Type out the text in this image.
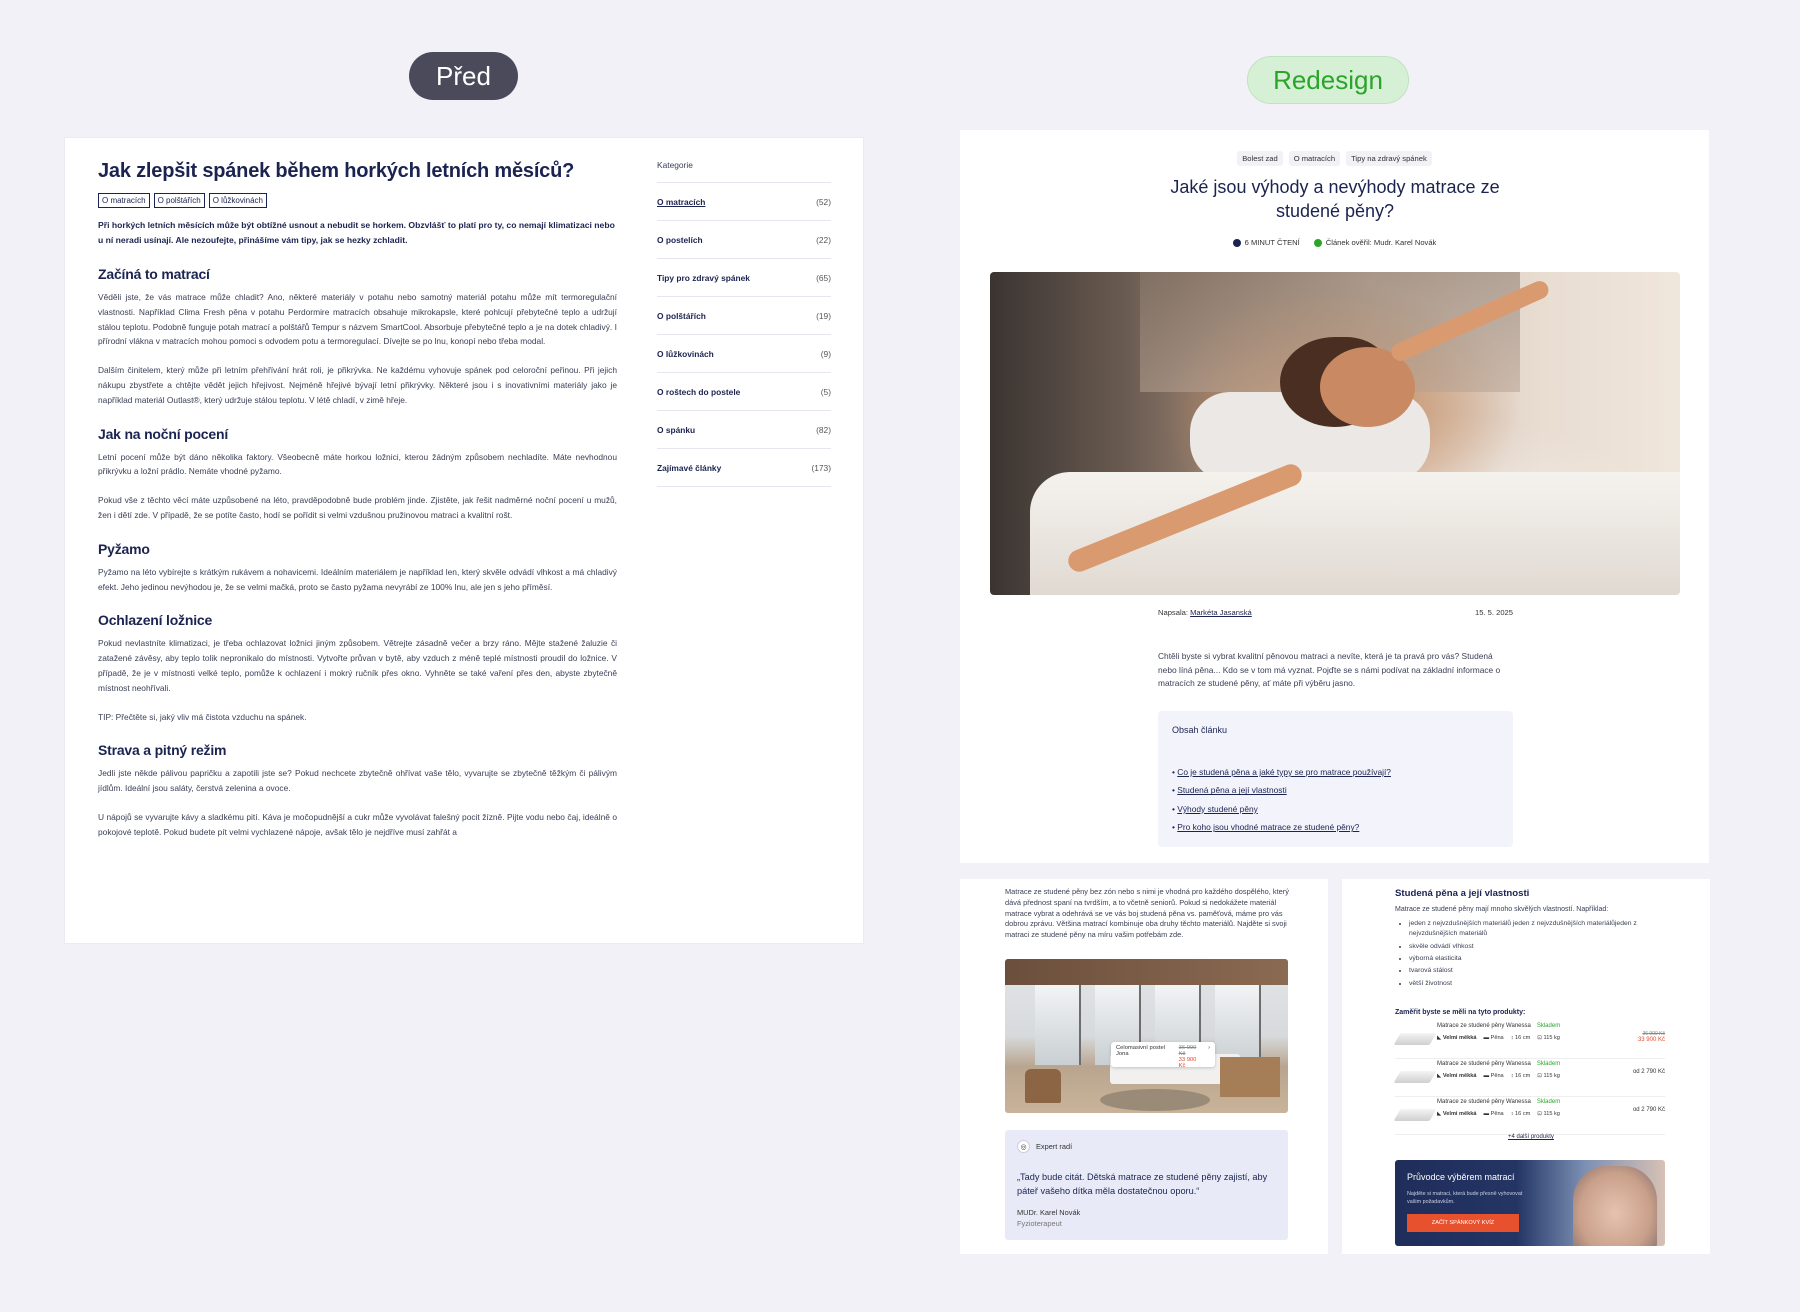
Před	Redesign
Jak zlepšit spánek během horkých letních měsíců?
O matracích	O polštářích	O lůžkovinách
Při horkých letních měsících může být obtížné usnout a nebudit se horkem. Obzvlášť to platí pro ty, co nemají klimatizaci nebo u ní neradi usínají. Ale nezoufejte, přinášíme vám tipy, jak se hezky zchladit.
Začíná to matrací

Věděli jste, že vás matrace může chladit? Ano, některé materiály v potahu nebo samotný materiál potahu může mít termoregulační vlastnosti. Například Clima Fresh pěna v potahu Perdormire matracích obsahuje mikrokapsle, které pohlcují přebytečné teplo a udržují stálou teplotu. Podobně funguje potah matrací a polštářů Tempur s názvem SmartCool. Absorbuje přebytečné teplo a je na dotek chladivý. I přírodní vlákna v matracích mohou pomoci s odvodem potu a termoregulací. Dívejte se po lnu, konopí nebo třeba modal.

Dalším činitelem, který může při letním přehřívání hrát roli, je přikrývka. Ne každému vyhovuje spánek pod celoroční peřinou. Při jejich nákupu zbystřete a chtějte vědět jejich hřejivost. Nejméně hřejivé bývají letní přikrývky. Některé jsou i s inovativními materiály jako je například materiál Outlast®, který udržuje stálou teplotu. V létě chladí, v zimě hřeje.

Jak na noční pocení

Letní pocení může být dáno několika faktory. Všeobecně máte horkou ložnici, kterou žádným způsobem nechladíte. Máte nevhodnou přikrývku a ložní prádlo. Nemáte vhodné pyžamo.

Pokud vše z těchto věcí máte uzpůsobené na léto, pravděpodobně bude problém jinde. Zjistěte, jak řešit nadměrné noční pocení u mužů, žen i dětí zde. V případě, že se potíte často, hodí se pořídit si velmi vzdušnou pružinovou matraci a kvalitní rošt.

Pyžamo

Pyžamo na léto vybírejte s krátkým rukávem a nohavicemi. Ideálním materiálem je například len, který skvěle odvádí vlhkost a má chladivý efekt. Jeho jedinou nevýhodou je, že se velmi mačká, proto se často pyžama nevyrábí ze 100% lnu, ale jen s jeho příměsí.

Ochlazení ložnice

Pokud nevlastníte klimatizaci, je třeba ochlazovat ložnici jiným způsobem. Větrejte zásadně večer a brzy ráno. Mějte stažené žaluzie či zatažené závěsy, aby teplo tolik nepronikalo do místnosti. Vytvořte průvan v bytě, aby vzduch z méně teplé místnosti proudil do ložnice. V případě, že je v místnosti velké teplo, pomůže k ochlazení i mokrý ručník přes okno. Vyhněte se také vaření přes den, abyste zbytečně místnost neohřívali.

TIP: Přečtěte si, jaký vliv má čistota vzduchu na spánek.

Strava a pitný režim

Jedli jste někde pálivou papričku a zapotili jste se? Pokud nechcete zbytečně ohřívat vaše tělo, vyvarujte se zbytečně těžkým či pálivým jídlům. Ideální jsou saláty, čerstvá zelenina a ovoce.

U nápojů se vyvarujte kávy a sladkému pití. Káva je močopudnější a cukr může vyvolávat falešný pocit žízně. Pijte vodu nebo čaj, ideálně o pokojové teplotě. Pokud budete pít velmi vychlazené nápoje, avšak tělo je nejdříve musí zahřát a

Kategorie
O matracích	(52)
O postelích	(22)
Tipy pro zdravý spánek	(65)
O polštářích	(19)
O lůžkovinách	(9)
O roštech do postele	(5)
O spánku	(82)
Zajímavé články	(173)
Bolest zad	O matracích	Tipy na zdravý spánek
Jaké jsou výhody a nevýhody matrace ze studené pěny?
6 MINUT ČTENÍ	Článek ověřil: Mudr. Karel Novák
Napsala: Markéta Jasanská	15. 5. 2025
Chtěli byste si vybrat kvalitní pěnovou matraci a nevíte, která je ta pravá pro vás? Studená nebo líná pěna... Kdo se v tom má vyznat. Pojďte se s námi podívat na základní informace o matracích ze studené pěny, ať máte při výběru jasno.
Obsah článku
• Co je studená pěna a jaké typy se pro matrace používají?
• Studená pěna a její vlastnosti
• Výhody studené pěny
• Pro koho jsou vhodné matrace ze studené pěny?
Matrace ze studené pěny bez zón nebo s nimi je vhodná pro každého dospělého, který dává přednost spaní na tvrdším, a to včetně seniorů. Pokud si nedokážete materiál matrace vybrat a odehrává se ve vás boj studená pěna vs. paměťová, máme pro vás dobrou zprávu. Většina matrací kombinuje oba druhy těchto materiálů. Najděte si svoji matraci ze studené pěny na míru vašim potřebám zde.
Celomasivní postel Jona
36 990 Kč
33 900 Kč
›
◎	Expert radí
„Tady bude citát. Dětská matrace ze studené pěny zajistí, aby páteř vašeho dítka měla dostatečnou oporu.“
MUDr. Karel Novák
Fyzioterapeut
Studená pěna a její vlastnosti
Matrace ze studené pěny mají mnoho skvělých vlastností. Například:
• jeden z nejvzdušnějších materiálů jeden z nejvzdušnějších materiálůjeden z nejvzdušnějších materiálů
• skvěle odvádí vlhkost
• výborná elasticita
• tvarová stálost
• větší životnost
Zaměřit byste se měli na tyto produkty:
Matrace ze studené pěny Wanessa Skladem
◣ Velmi měkká ▬ Pěna ↕ 16 cm ⊡ 115 kg
36 990 Kč
33 900 Kč
Matrace ze studené pěny Wanessa Skladem
◣ Velmi měkká ▬ Pěna ↕ 16 cm ⊡ 115 kg
od 2 790 Kč
Matrace ze studené pěny Wanessa Skladem
◣ Velmi měkká ▬ Pěna ↕ 16 cm ⊡ 115 kg
od 2 790 Kč
+4 další produkty
Průvodce výběrem matrací
Najděte si matraci, která bude přesně vyhovovat vašim požadavkům.
ZAČÍT SPÁNKOVÝ KVÍZ
